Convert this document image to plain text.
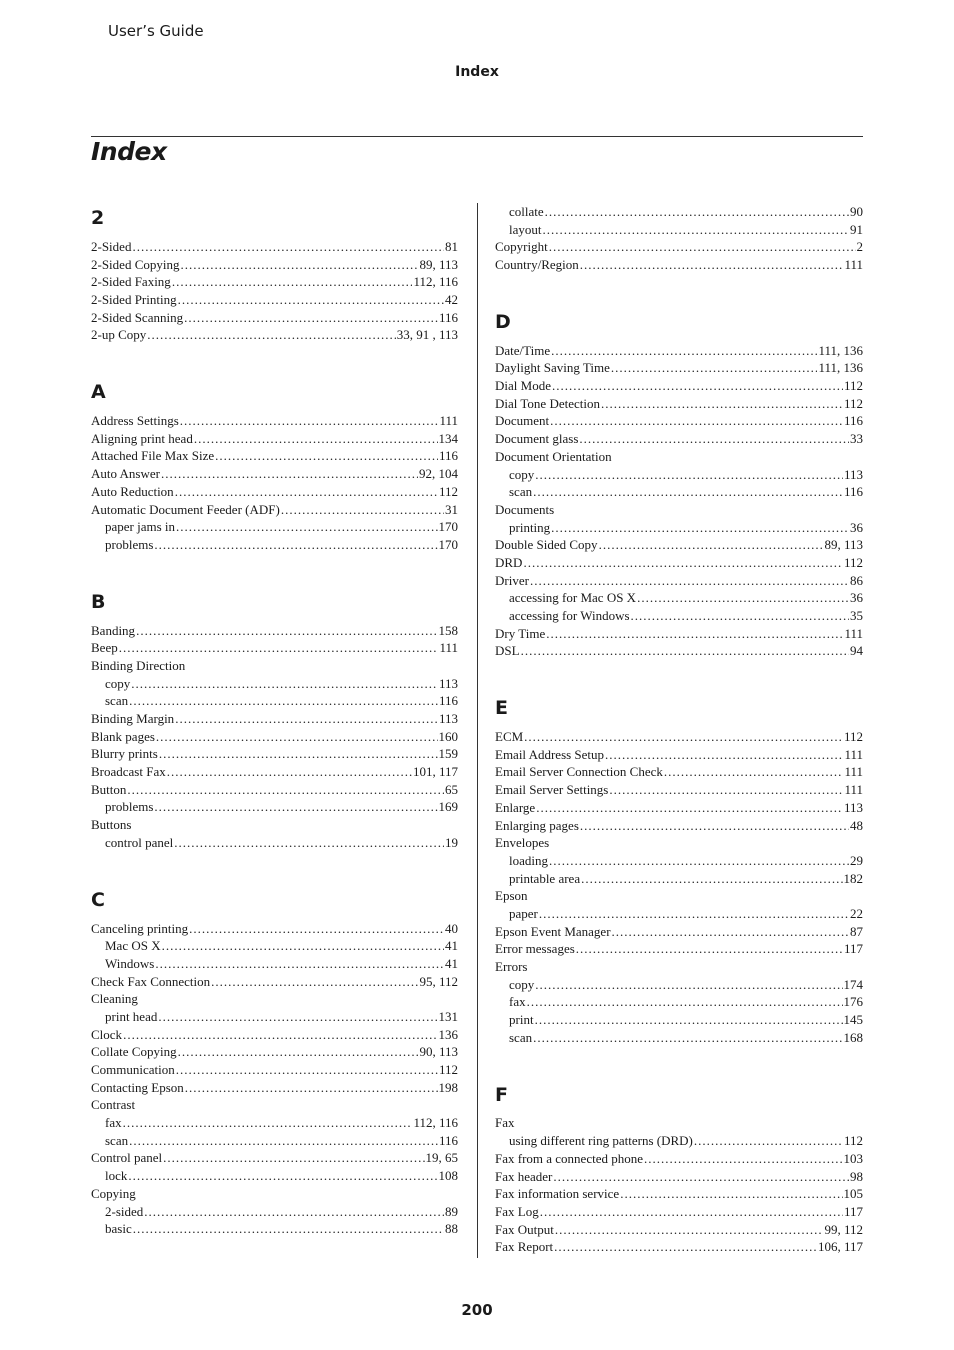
User’s Guide
Index
Index
2
2-Sided .....	81
2-Sided Copying .....	89, 113
2-Sided Faxing .....	112, 116
2-Sided Printing .....	42
2-Sided Scanning .....	116
2-up Copy .....	33, 91 , 113
A
Address Settings .....	111
Aligning print head .....	134
Attached File Max Size .....	116
Auto Answer .....	92, 104
Auto Reduction .....	112
Automatic Document Feeder (ADF) .....	31
paper jams in .....	170
problems .....	170
B
Banding .....	158
Beep .....	111
Binding Direction
copy .....	113
scan .....	116
Binding Margin .....	113
Blank pages .....	160
Blurry prints .....	159
Broadcast Fax .....	101, 117
Button .....	65
problems .....	169
Buttons
control panel .....	19
C
Canceling printing .....	40
Mac OS X .....	41
Windows .....	41
Check Fax Connection .....	95, 112
Cleaning
print head .....	131
Clock .....	136
Collate Copying .....	90, 113
Communication .....	112
Contacting Epson .....	198
Contrast
fax .....	112, 116
scan .....	116
Control panel .....	19, 65
lock .....	108
Copying
2-sided .....	89
basic .....	88
collate .....	90
layout .....	91
Copyright .....	2
Country/Region .....	111
D
Date/Time .....	111, 136
Daylight Saving Time .....	111, 136
Dial Mode .....	112
Dial Tone Detection .....	112
Document .....	116
Document glass .....	33
Document Orientation
copy .....	113
scan .....	116
Documents
printing .....	36
Double Sided Copy .....	89, 113
DRD .....	112
Driver .....	86
accessing for Mac OS X .....	36
accessing for Windows .....	35
Dry Time .....	111
DSL .....	94
E
ECM .....	112
Email Address Setup .....	111
Email Server Connection Check .....	111
Email Server Settings .....	111
Enlarge .....	113
Enlarging pages .....	48
Envelopes
loading .....	29
printable area .....	182
Epson
paper .....	22
Epson Event Manager .....	87
Error messages .....	117
Errors
copy .....	174
fax .....	176
print .....	145
scan .....	168
F
Fax
using different ring patterns (DRD) .....	112
Fax from a connected phone .....	103
Fax header .....	98
Fax information service .....	105
Fax Log .....	117
Fax Output .....	99, 112
Fax Report .....	106, 117
200
